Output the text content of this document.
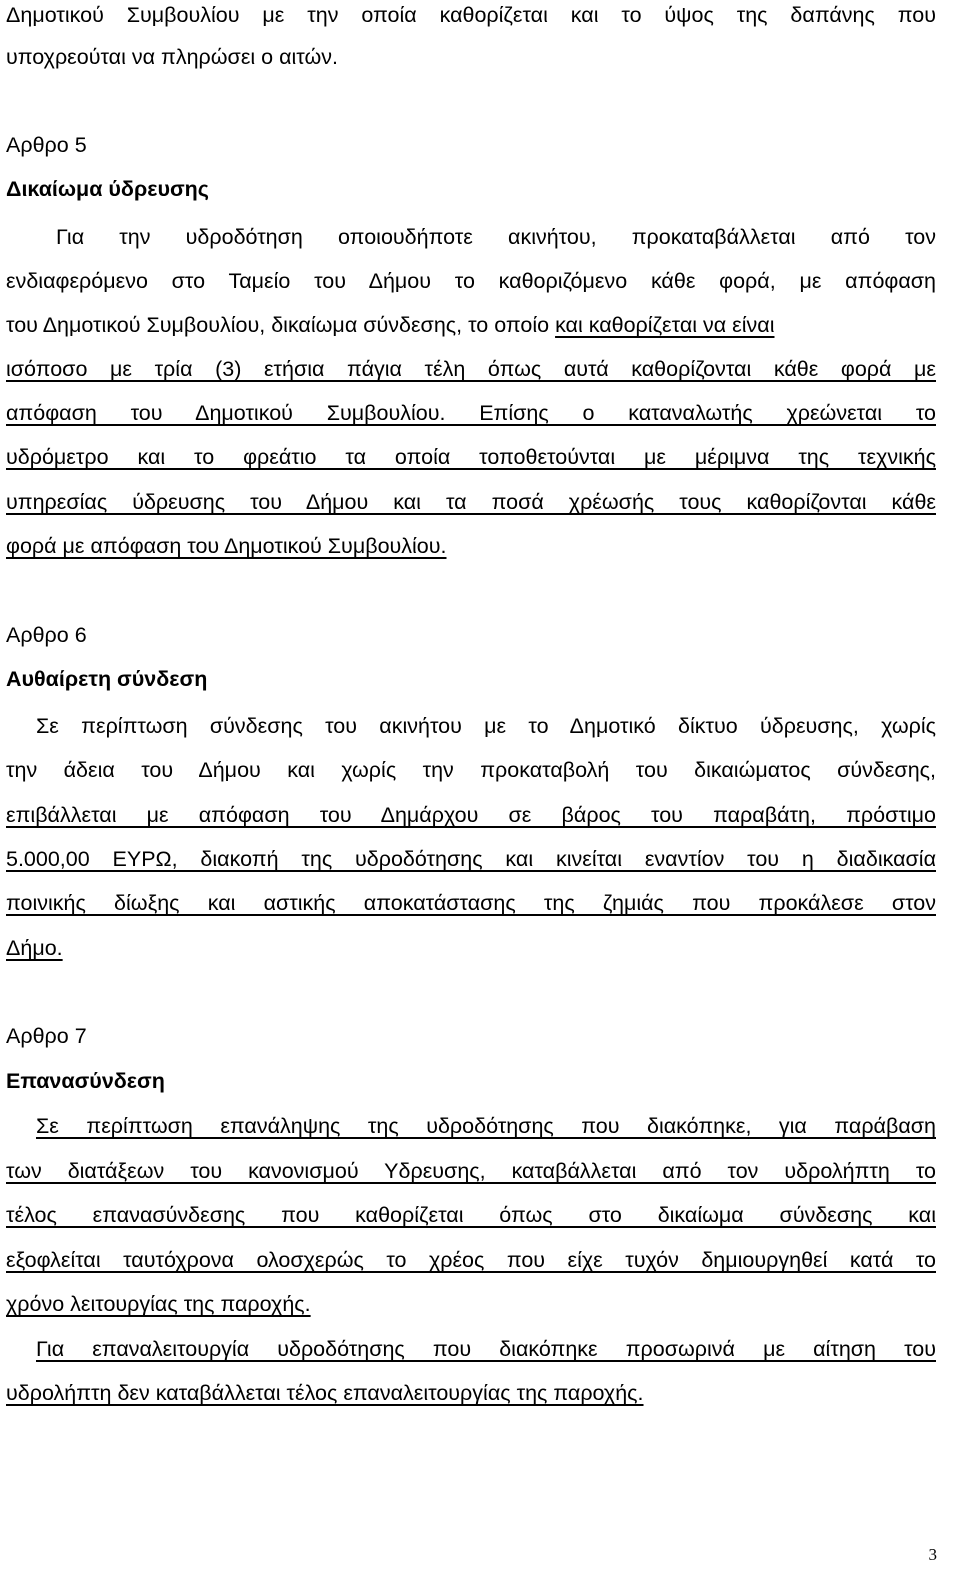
Δημοτικού Συμβουλίου με την οποία καθορίζεται και το ύψος της δαπάνης που
υποχρεούται να πληρώσει ο αιτών.
Αρθρο 5
Δικαίωμα ύδρευσης
Για την υδροδότηση οποιουδήποτε ακινήτου, προκαταβάλλεται από τον
ενδιαφερόμενο στο Ταμείο του Δήμου το καθοριζόμενο κάθε φορά, με απόφαση
του Δημοτικού Συμβουλίου, δικαίωμα σύνδεσης, το οποίο και καθορίζεται να είναι
ισόποσο με τρία (3) ετήσια πάγια τέλη όπως αυτά καθορίζονται κάθε φορά με
απόφαση του Δημοτικού Συμβουλίου. Επίσης ο καταναλωτής χρεώνεται το
υδρόμετρο και το φρεάτιο τα οποία τοποθετούνται με μέριμνα της τεχνικής
υπηρεσίας ύδρευσης του Δήμου και τα ποσά χρέωσής τους καθορίζονται κάθε
φορά με απόφαση του Δημοτικού Συμβουλίου.
Αρθρο 6
Αυθαίρετη σύνδεση
Σε περίπτωση σύνδεσης του ακινήτου με το Δημοτικό δίκτυο ύδρευσης, χωρίς
την άδεια του Δήμου και χωρίς την προκαταβολή του δικαιώματος σύνδεσης,
επιβάλλεται με απόφαση του Δημάρχου σε βάρος του παραβάτη, πρόστιμο
5.000,00 ΕΥΡΩ, διακοπή της υδροδότησης και κινείται εναντίον του η διαδικασία
ποινικής δίωξης και αστικής αποκατάστασης της ζημιάς που προκάλεσε στον
Δήμο.
Αρθρο 7
Επανασύνδεση
Σε περίπτωση επανάληψης της υδροδότησης που διακόπηκε, για παράβαση
των διατάξεων του κανονισμού Υδρευσης, καταβάλλεται από τον υδρολήπτη το
τέλος επανασύνδεσης που καθορίζεται όπως στο δικαίωμα σύνδεσης και
εξοφλείται ταυτόχρονα ολοσχερώς το χρέος που είχε τυχόν δημιουργηθεί κατά το
χρόνο λειτουργίας της παροχής.
Για επαναλειτουργία υδροδότησης που διακόπηκε προσωρινά με αίτηση του
υδρολήπτη δεν καταβάλλεται τέλος επαναλειτουργίας της παροχής.
3
